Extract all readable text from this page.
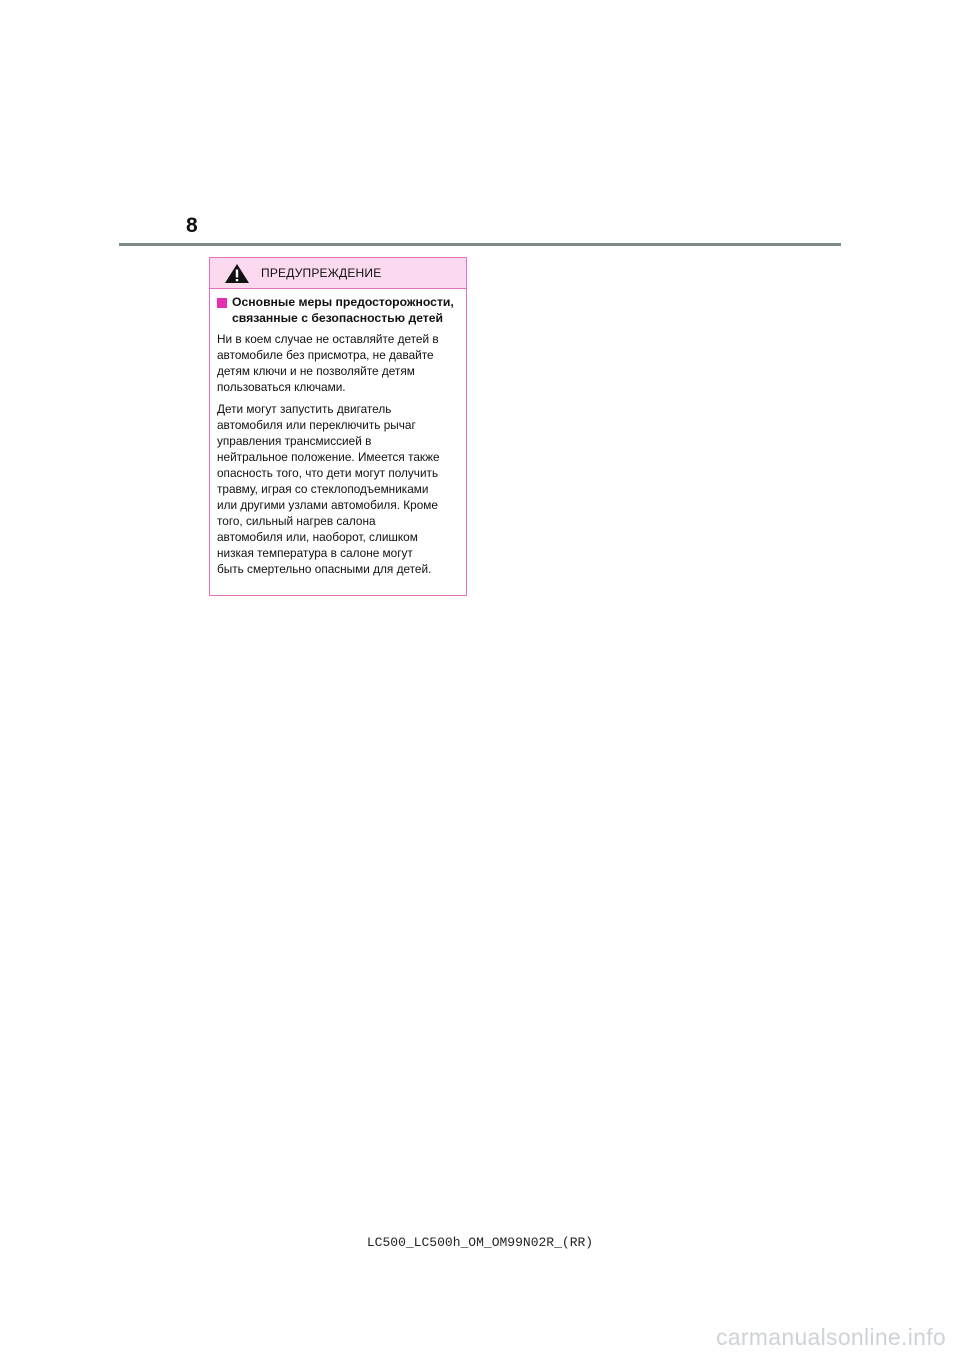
8
ПРЕДУПРЕЖДЕНИЕ
Основные меры предосторожности, связанные с безопасностью детей
Ни в коем случае не оставляйте детей в
автомобиле без присмотра, не давайте
детям ключи и не позволяйте детям
пользоваться ключами.
Дети могут запустить двигатель
автомобиля или переключить рычаг
управления трансмиссией в
нейтральное положение. Имеется также
опасность того, что дети могут получить
травму, играя со стеклоподъемниками
или другими узлами автомобиля. Кроме
того, сильный нагрев салона
автомобиля или, наоборот, слишком
низкая температура в салоне могут
быть смертельно опасными для детей.
LC500_LC500h_OM_OM99N02R_(RR)
carmanualsonline.info
